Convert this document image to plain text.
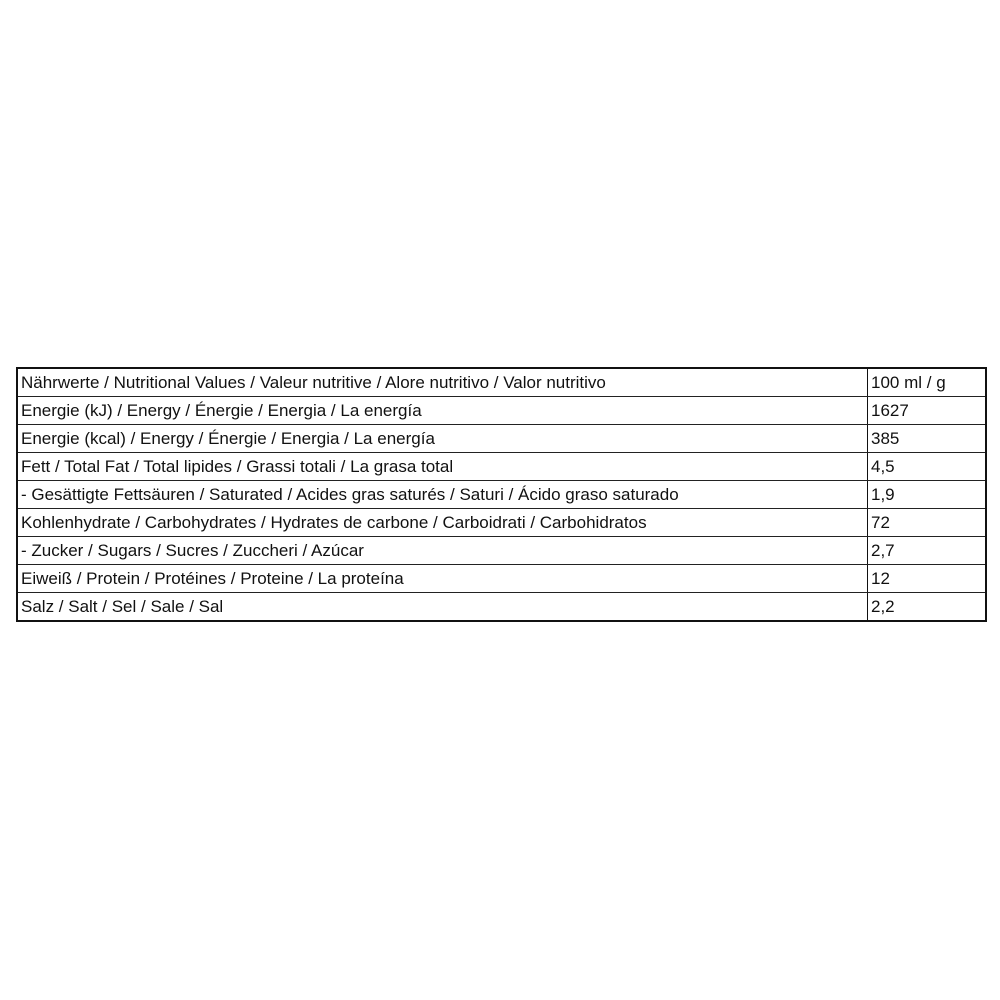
Nährwerte / Nutritional Values / Valeur nutritive / Alore nutritivo / Valor nutritivo	100 ml / g
Energie (kJ) / Energy / Énergie / Energia / La energía	1627
Energie (kcal) / Energy / Énergie / Energia / La energía	385
Fett / Total Fat / Total lipides / Grassi totali / La grasa total	4,5
- Gesättigte Fettsäuren / Saturated / Acides gras saturés / Saturi / Ácido graso saturado	1,9
Kohlenhydrate / Carbohydrates / Hydrates de carbone / Carboidrati / Carbohidratos	72
- Zucker / Sugars / Sucres / Zuccheri / Azúcar	2,7
Eiweiß / Protein / Protéines / Proteine / La proteína	12
Salz / Salt / Sel / Sale / Sal	2,2
